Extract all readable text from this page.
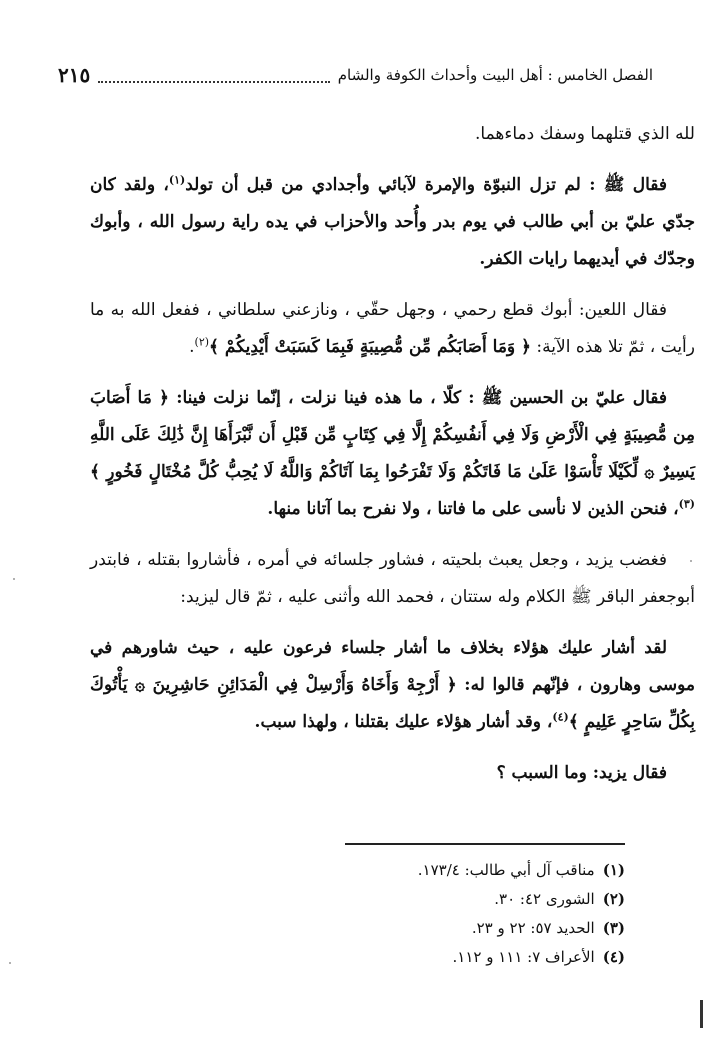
الفصل الخامس : أهل البيت وأحداث الكوفة والشام
٢١٥

لله الذي قتلهما وسفك دماءهما.

فقال ﷺ : لم تزل النبوّة والإمرة لآبائي وأجدادي من قبل أن تولد$^{(١)}$، ولقد كان جدّي عليّ بن أبي طالب في يوم بدر وأُحد والأحزاب في يده راية رسول الله ، وأبوك وجدّك في أيديهما رايات الكفر.

فقال اللعين: أبوك قطع رحمي ، وجهل حقّي ، ونازعني سلطاني ، ففعل الله به ما رأيت ، ثمّ تلا هذه الآية: ﴿ وَمَا أَصَابَكُم مِّن مُّصِيبَةٍ فَبِمَا كَسَبَتْ أَيْدِيكُمْ ﴾$^{(٢)}$.

فقال عليّ بن الحسين ﷺ : كلّا ، ما هذه فينا نزلت ، إنّما نزلت فينا: ﴿ مَا أَصَابَ مِن مُّصِيبَةٍ فِي الْأَرْضِ وَلَا فِي أَنفُسِكُمْ إِلَّا فِي كِتَابٍ مِّن قَبْلِ أَن نَّبْرَأَهَا إِنَّ ذَٰلِكَ عَلَى اللَّهِ يَسِيرٌ ۞ لِّكَيْلَا تَأْسَوْا عَلَىٰ مَا فَاتَكُمْ وَلَا تَفْرَحُوا بِمَا آتَاكُمْ وَاللَّهُ لَا يُحِبُّ كُلَّ مُخْتَالٍ فَخُورٍ ﴾$^{(٣)}$، فنحن الذين لا نأسى على ما فاتنا ، ولا نفرح بما آتانا منها.

فغضب يزيد ، وجعل يعبث بلحيته ، فشاور جلسائه في أمره ، فأشاروا بقتله ، فابتدر أبوجعفر الباقر ﷺ الكلام وله ستتان ، فحمد الله وأثنى عليه ، ثمّ قال ليزيد:

لقد أشار عليك هؤلاء بخلاف ما أشار جلساء فرعون عليه ، حيث شاورهم في موسى وهارون ، فإنّهم قالوا له: ﴿ أَرْجِهْ وَأَخَاهُ وَأَرْسِلْ فِي الْمَدَائِنِ حَاشِرِينَ ۞ يَأْتُوكَ بِكُلِّ سَاحِرٍ عَلِيمٍ ﴾$^{(٤)}$، وقد أشار هؤلاء عليك بقتلنا ، ولهذا سبب.

فقال يزيد: وما السبب ؟

(١)مناقب آل أبي طالب: ١٧٣/٤.
(٢)الشورى ٤٢: ٣٠.
(٣)الحديد ٥٧: ٢٢ و ٢٣.
(٤)الأعراف ٧: ١١١ و ١١٢.
